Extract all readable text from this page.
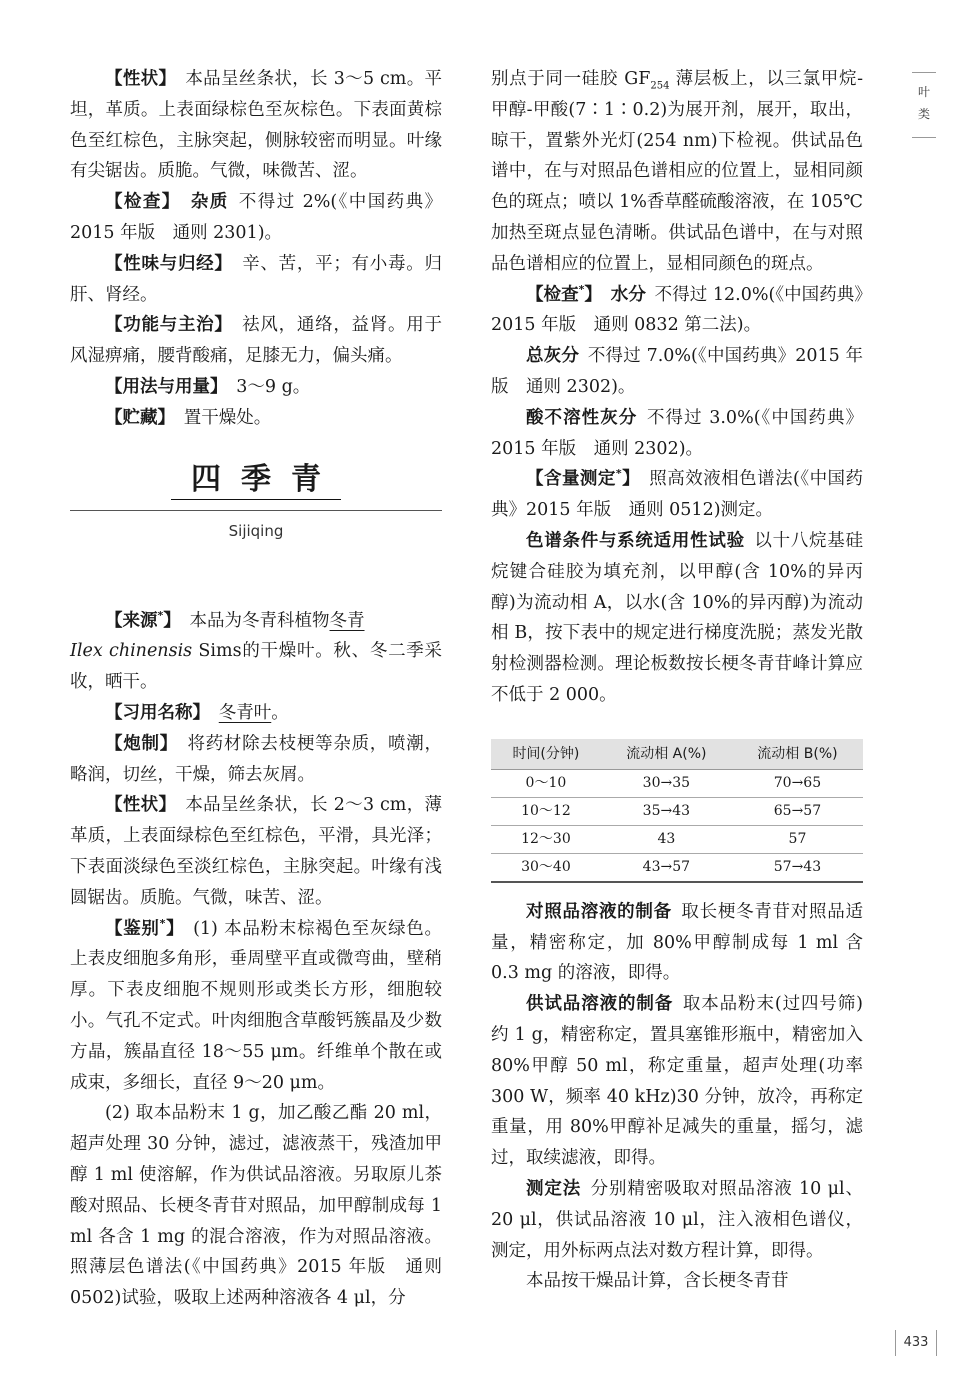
叶
类

【性状】  本品呈丝条状，长 3～5 cm。平坦，革质。上表面绿棕色至灰棕色。下表面黄棕色至红棕色，主脉突起，侧脉较密而明显。叶缘有尖锯齿。质脆。气微，味微苦、涩。

【检查】  杂质  不得过 2%(《中国药典》2015 年版　通则 2301)。

【性味与归经】  辛、苦，平；有小毒。归肝、肾经。

【功能与主治】  祛风，通络，益肾。用于风湿痹痛，腰背酸痛，足膝无力，偏头痛。

【用法与用量】  3～9 g。

【贮藏】  置干燥处。

四季青
Sijiqing

【来源*】  本品为冬青科植物冬青
Ilex chinensis Sims的干燥叶。秋、冬二季采收，晒干。

【习用名称】  冬青叶。

【炮制】  将药材除去枝梗等杂质，喷潮，略润，切丝，干燥，筛去灰屑。

【性状】  本品呈丝条状，长 2～3 cm，薄革质，上表面绿棕色至红棕色，平滑，具光泽；下表面淡绿色至淡红棕色，主脉突起。叶缘有浅圆锯齿。质脆。气微，味苦、涩。

【鉴别*】  (1) 本品粉末棕褐色至灰绿色。上表皮细胞多角形，垂周壁平直或微弯曲，壁稍厚。下表皮细胞不规则形或类长方形，细胞较小。气孔不定式。叶肉细胞含草酸钙簇晶及少数方晶，簇晶直径 18～55 μm。纤维单个散在或成束，多细长，直径 9～20 μm。

(2) 取本品粉末 1 g，加乙酸乙酯 20 ml，超声处理 30 分钟，滤过，滤液蒸干，残渣加甲醇 1 ml 使溶解，作为供试品溶液。另取原儿茶酸对照品、长梗冬青苷对照品，加甲醇制成每 1 ml 各含 1 mg 的混合溶液，作为对照品溶液。照薄层色谱法(《中国药典》2015 年版　通则 0502)试验，吸取上述两种溶液各 4 μl，分

别点于同一硅胶 $GF_{254}$ 薄层板上，以三氯甲烷-甲醇-甲酸(7∶1∶0.2)为展开剂，展开，取出，晾干，置紫外光灯(254 nm)下检视。供试品色谱中，在与对照品色谱相应的位置上，显相同颜色的斑点；喷以 1%香草醛硫酸溶液，在 105℃加热至斑点显色清晰。供试品色谱中，在与对照品色谱相应的位置上，显相同颜色的斑点。

【检查*】  水分  不得过 12.0%(《中国药典》2015 年版　通则 0832 第二法)。

总灰分  不得过 7.0%(《中国药典》2015 年版　通则 2302)。

酸不溶性灰分  不得过 3.0%(《中国药典》2015 年版　通则 2302)。

【含量测定*】  照高效液相色谱法(《中国药典》2015 年版　通则 0512)测定。

色谱条件与系统适用性试验  以十八烷基硅烷键合硅胶为填充剂，以甲醇(含 10%的异丙醇)为流动相 A，以水(含 10%的异丙醇)为流动相 B，按下表中的规定进行梯度洗脱；蒸发光散射检测器检测。理论板数按长梗冬青苷峰计算应不低于 2 000。

时间(分钟)	流动相 A(%)	流动相 B(%)
0～10	30→35	70→65
10～12	35→43	65→57
12～30	43	57
30～40	43→57	57→43

对照品溶液的制备  取长梗冬青苷对照品适量，精密称定，加 80%甲醇制成每 1 ml 含 0.3 mg 的溶液，即得。

供试品溶液的制备  取本品粉末(过四号筛)约 1 g，精密称定，置具塞锥形瓶中，精密加入 80%甲醇 50 ml，称定重量，超声处理(功率 300 W，频率 40 kHz)30 分钟，放冷，再称定重量，用 80%甲醇补足减失的重量，摇匀，滤过，取续滤液，即得。

测定法  分别精密吸取对照品溶液 10 μl、20 μl，供试品溶液 10 μl，注入液相色谱仪，测定，用外标两点法对数方程计算，即得。

本品按干燥品计算，含长梗冬青苷

433
